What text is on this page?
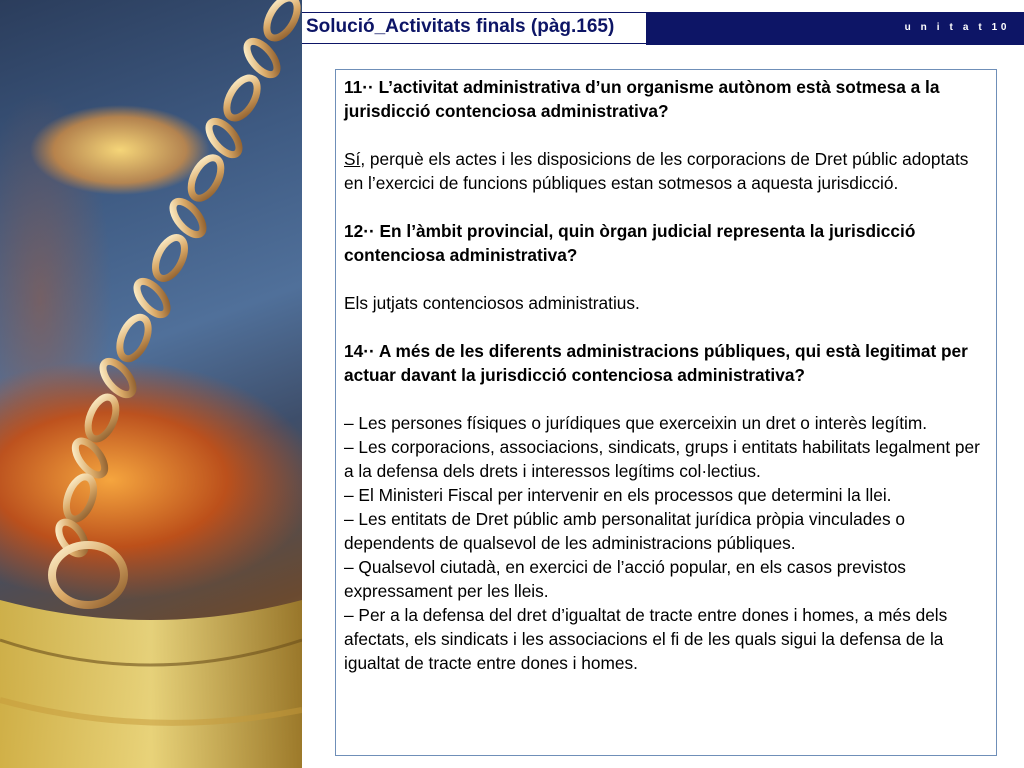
Solució_Activitats finals (pàg.165)	u n i t a t 10

11·· L’activitat administrativa d’un organisme autònom està sotmesa a la jurisdicció contenciosa administrativa?

Sí, perquè els actes i les disposicions de les corporacions de Dret públic adoptats en l’exercici de funcions públiques estan sotmesos a aquesta jurisdicció.

12·· En l’àmbit provincial, quin òrgan judicial representa la jurisdicció contenciosa administrativa?

Els jutjats contenciosos administratius.

14·· A més de les diferents administracions públiques, qui està legitimat per actuar davant la jurisdicció contenciosa administrativa?

– Les persones físiques o jurídiques que exerceixin un dret o interès legítim.

– Les corporacions, associacions, sindicats, grups i entitats habilitats legalment per a la defensa dels drets i interessos legítims col·lectius.

– El Ministeri Fiscal per intervenir en els processos que determini la llei.

– Les entitats de Dret públic amb personalitat jurídica pròpia vinculades o dependents de qualsevol de les administracions públiques.

– Qualsevol ciutadà, en exercici de l’acció popular, en els casos previstos expressament per les lleis.

– Per a la defensa del dret d’igualtat de tracte entre dones i homes, a més dels afectats, els sindicats i les associacions el fi de les quals sigui la defensa de la igualtat de tracte entre dones i homes.
